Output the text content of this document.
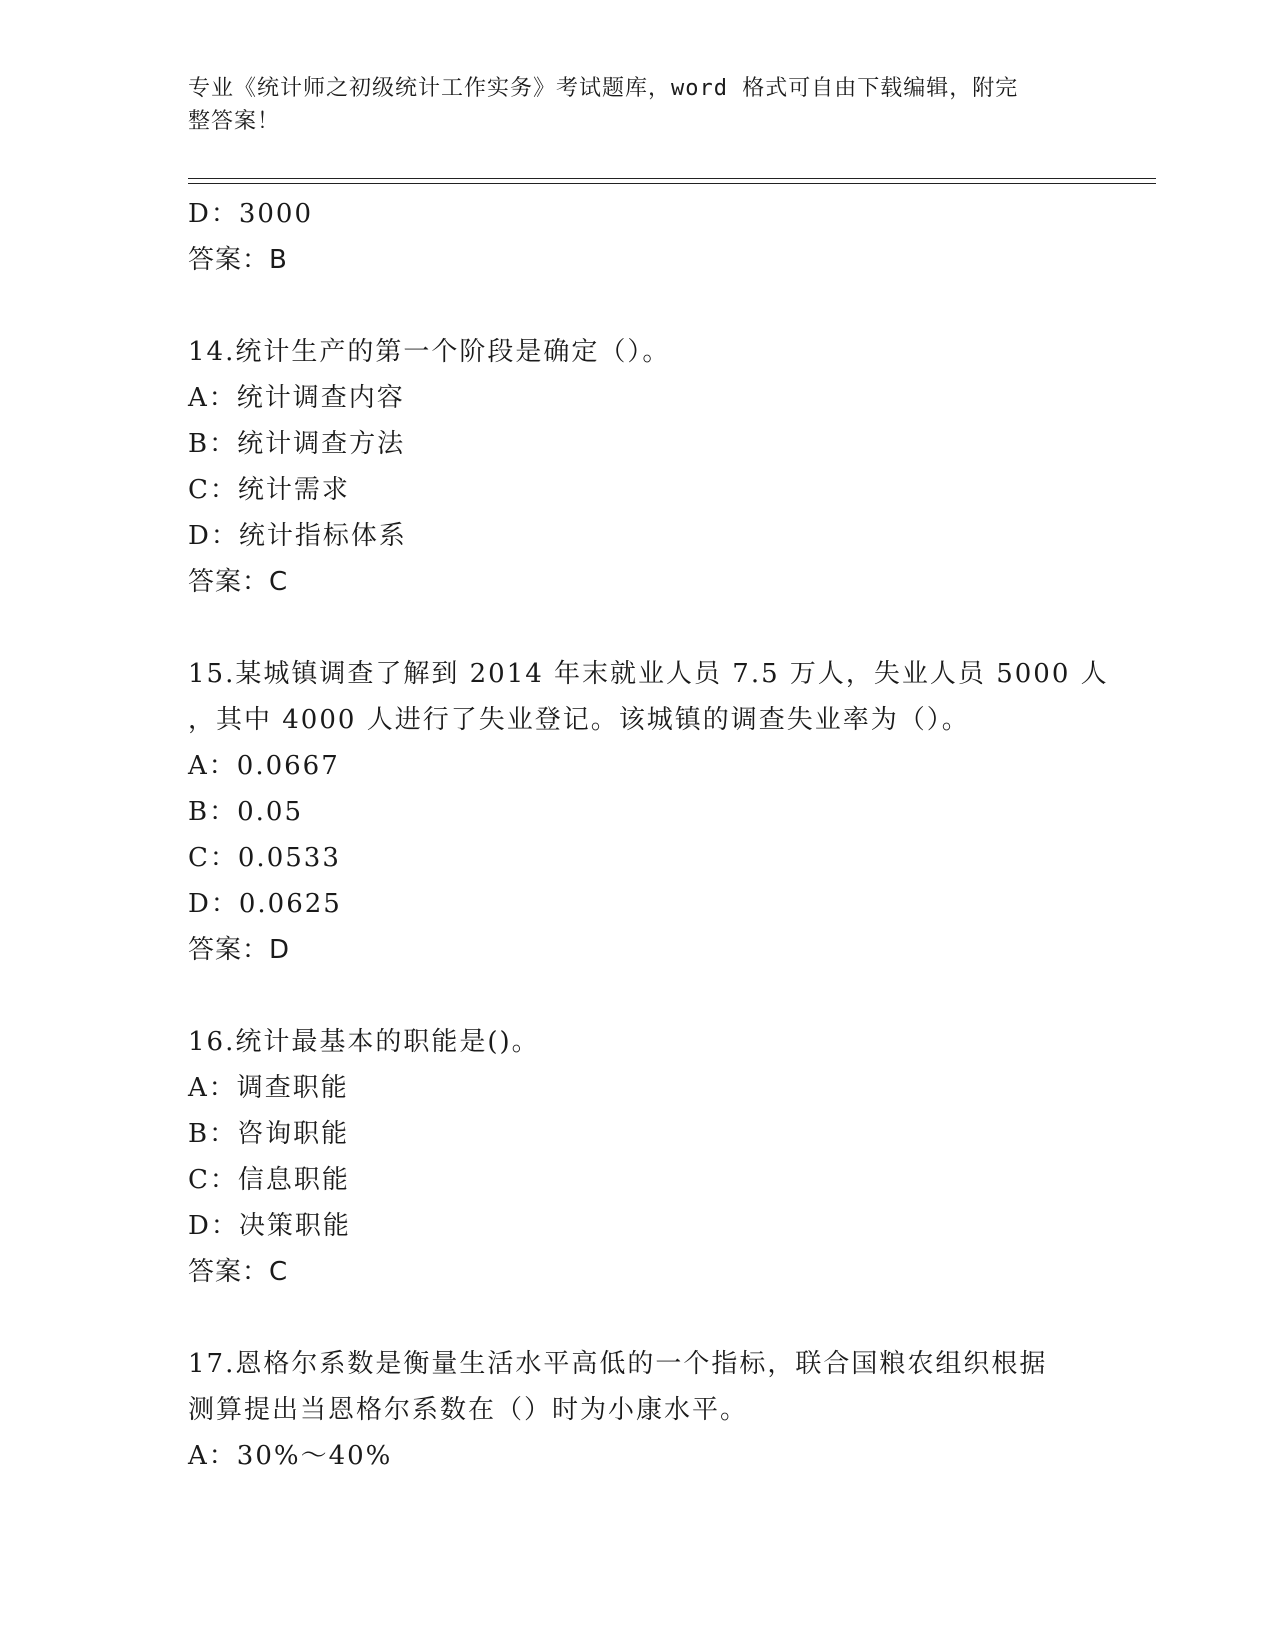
专业《统计师之初级统计工作实务》考试题库，word 格式可自由下载编辑，附完
整答案！
D：3000
答案：B
14.统计生产的第一个阶段是确定（）。
A：统计调查内容
B：统计调查方法
C：统计需求
D：统计指标体系
答案：C
15.某城镇调查了解到 2014 年末就业人员 7.5 万人，失业人员 5000 人
，其中 4000 人进行了失业登记。该城镇的调查失业率为（）。
A：0.0667
B：0.05
C：0.0533
D：0.0625
答案：D
16.统计最基本的职能是()。
A：调查职能
B：咨询职能
C：信息职能
D：决策职能
答案：C
17.恩格尔系数是衡量生活水平高低的一个指标，联合国粮农组织根据
测算提出当恩格尔系数在（）时为小康水平。
A：30%～40%
